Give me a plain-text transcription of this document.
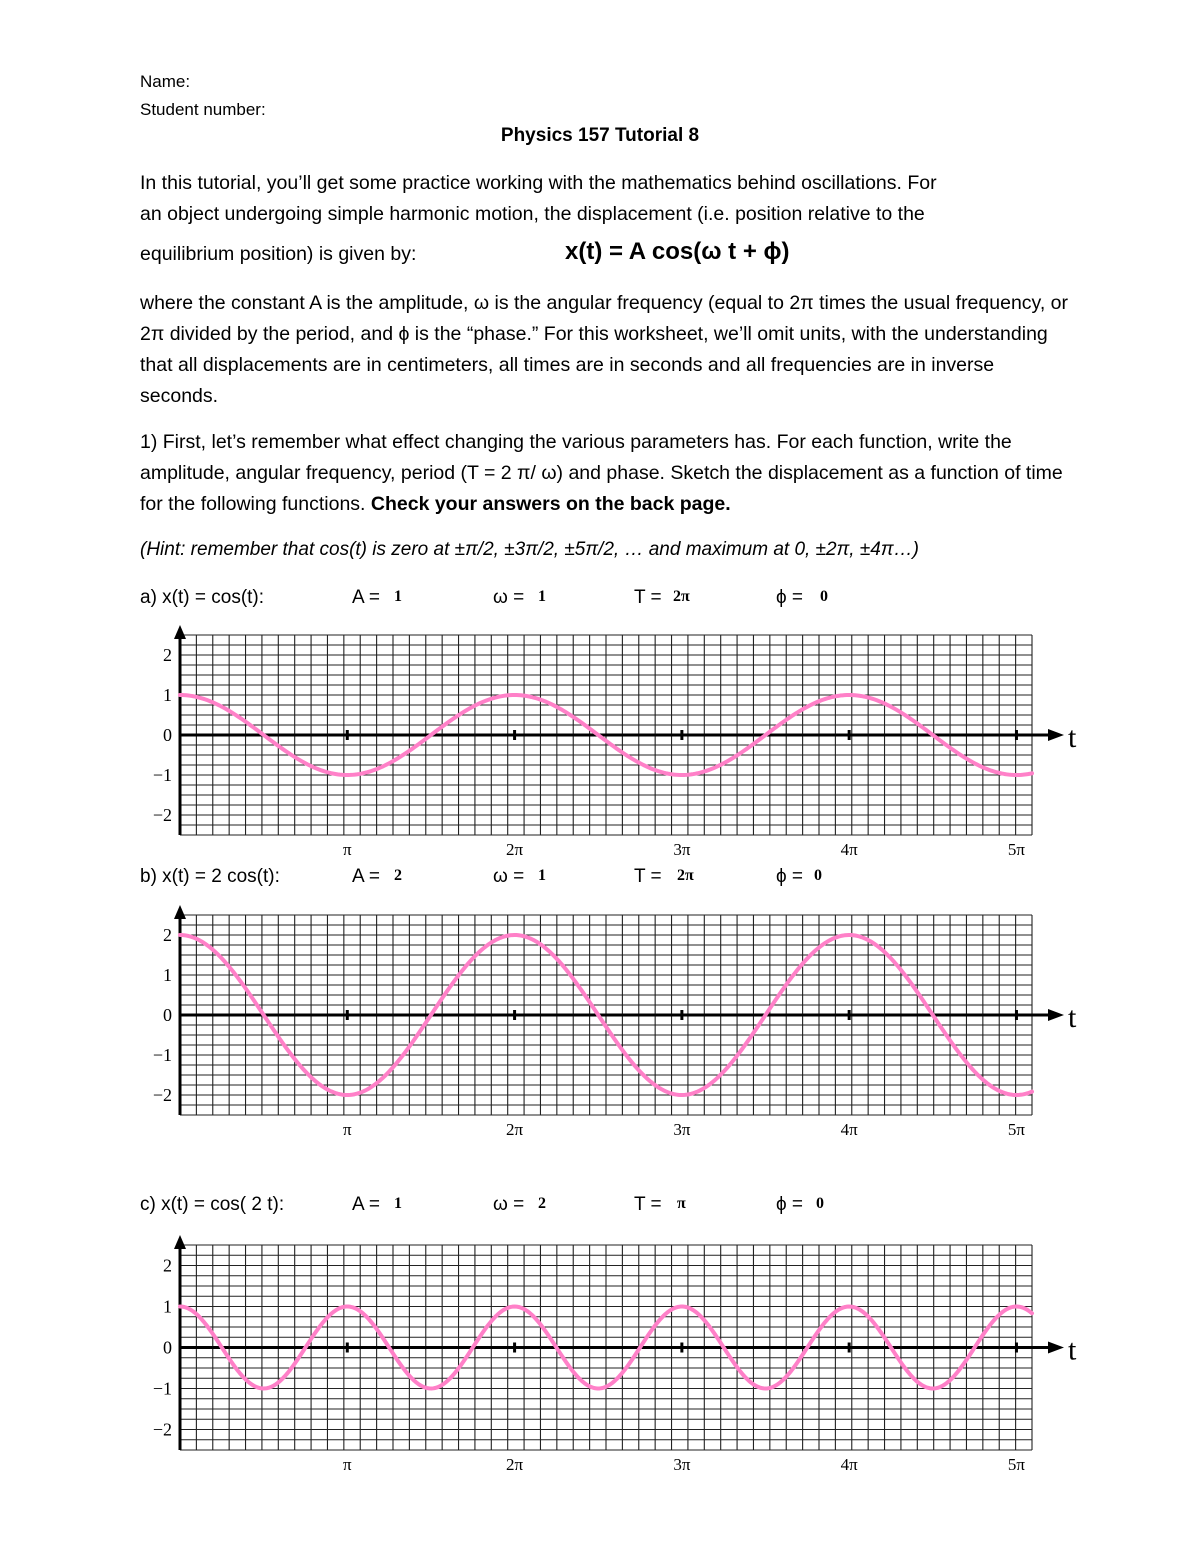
Name:
Student number:
Physics 157 Tutorial 8
In this tutorial, you’ll get some practice working with the mathematics behind oscillations. For
an object undergoing simple harmonic motion, the displacement (i.e. position relative to the
equilibrium position) is given by:	x(t) = A cos(ω t + ϕ)
where the constant A is the amplitude, ω is the angular frequency (equal to 2π times the usual frequency, or 2π divided by the period, and ϕ is the “phase.” For this worksheet, we’ll omit units, with the understanding that all displacements are in centimeters, all times are in seconds and all frequencies are in inverse seconds.
1) First, let’s remember what effect changing the various parameters has. For each function, write the amplitude, angular frequency, period (T = 2 π/ ω) and phase. Sketch the displacement as a function of time for the following functions. Check your answers on the back page.
(Hint: remember that cos(t) is zero at ±π/2, ±3π/2, ±5π/2, … and maximum at 0, ±2π, ±4π…)
a) x(t) = cos(t):	A = 1	ω = 1	T = 2π	ϕ = 0
t
2
1
0
−1
−2
π	2π	3π	4π	5π
b) x(t) = 2 cos(t):	A = 2	ω = 1	T = 2π	ϕ = 0
t
2
1
0
−1
−2
π	2π	3π	4π	5π
c) x(t) = cos( 2 t):	A = 1	ω = 2	T = π	ϕ = 0
t
2
1
0
−1
−2
π	2π	3π	4π	5π
